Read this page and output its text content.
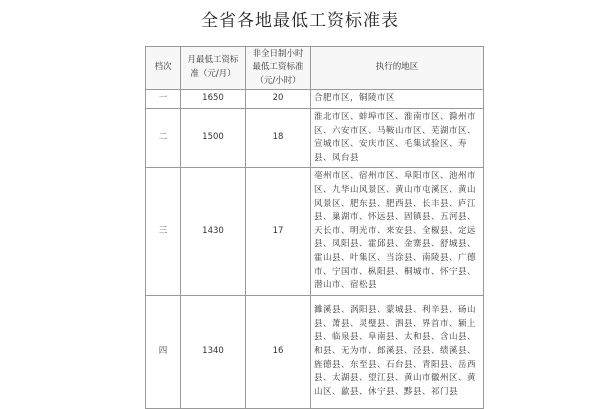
全省各地最低工资标准表
档次	月最低工资标准（元/月）	非全日制小时最低工资标准（元/小时）	执行的地区
一	1650	20	合肥市区，铜陵市区

二	1500	18	淮北市区、蚌埠市区、淮南市区、滁州市区、六安市区、马鞍山市区、芜湖市区、宣城市区、安庆市区、毛集试验区、寿县、凤台县

三	1430	17	亳州市区、宿州市区、阜阳市区、池州市区、九华山风景区、黄山市屯溪区、黄山风景区、肥东县、肥西县、长丰县、庐江县、巢湖市、怀远县、固镇县、五河县、天长市、明光市、来安县、全椒县、定远县、凤阳县、霍邱县、金寨县、舒城县、霍山县、叶集区、当涂县、南陵县、广德市、宁国市、枞阳县、桐城市、怀宁县、潜山市、宿松县

四	1340	16	濉溪县、涡阳县、蒙城县、利辛县、砀山县、萧县、灵璧县、泗县、界首市、颍上县、临泉县、阜南县、太和县、含山县、和县、无为市、郎溪县、泾县、绩溪县、旌德县、东至县、石台县、青阳县、岳西县、太湖县、望江县、黄山市徽州区、黄山区、歙县、休宁县、黟县、祁门县
